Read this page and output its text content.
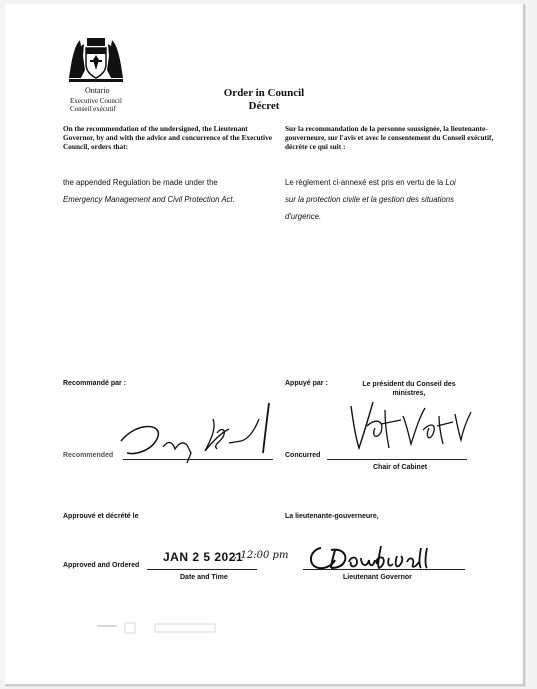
Ontario
Executive Council
Conseil exécutif
Order in Council
Décret
On the recommendation of the undersigned, the Lieutenant Governor, by and with the advice and concurrence of the Executive Council, orders that:
Sur la recommandation de la personne soussignée, la lieutenante-gouverneure, sur l'avis et avec le consentement du Conseil exécutif, décrète ce qui suit :
the appended Regulation be made under the
Emergency Management and Civil Protection Act.
Le règlement ci-annexé est pris en vertu de la Loi
sur la protection civile et la gestion des situations
d'urgence.
Recommandé par :
Recommended
Appuyé par :	Le président du Conseil des ministres,
Concurred
Chair of Cabinet
Approuvé et décrété le	La lieutenante-gouverneure,
Approved and Ordered
JAN 2 5 2021
; 12:00 pm
Date and Time	Lieutenant Governor
